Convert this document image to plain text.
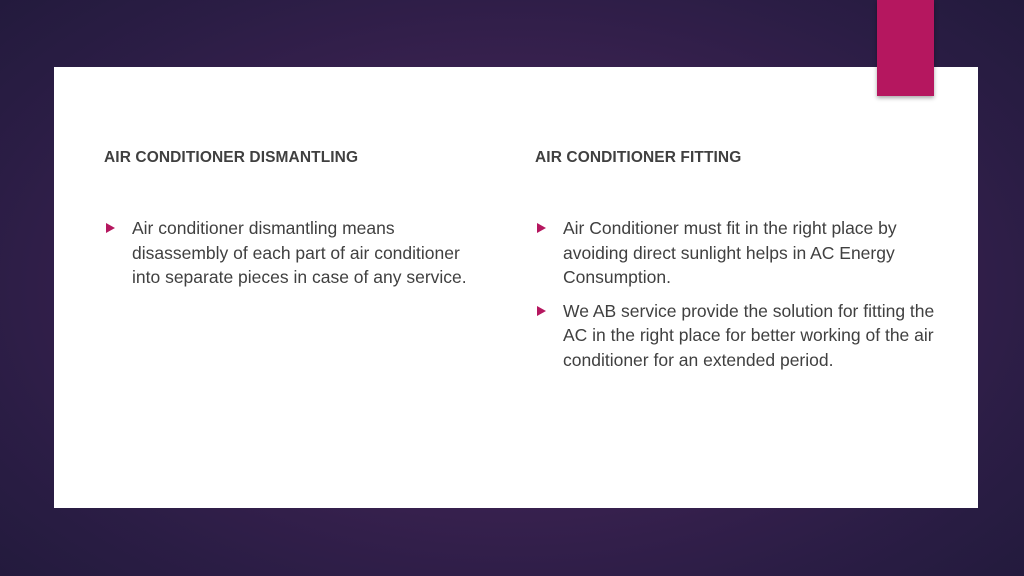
AIR CONDITIONER DISMANTLING
Air conditioner dismantling means disassembly of each part of air conditioner into separate pieces in case of any service.
AIR CONDITIONER FITTING
Air Conditioner must fit in the right place by avoiding direct sunlight helps in AC Energy Consumption.
We AB service provide the solution for fitting the AC in the right place for better working of the air conditioner for an extended period.
